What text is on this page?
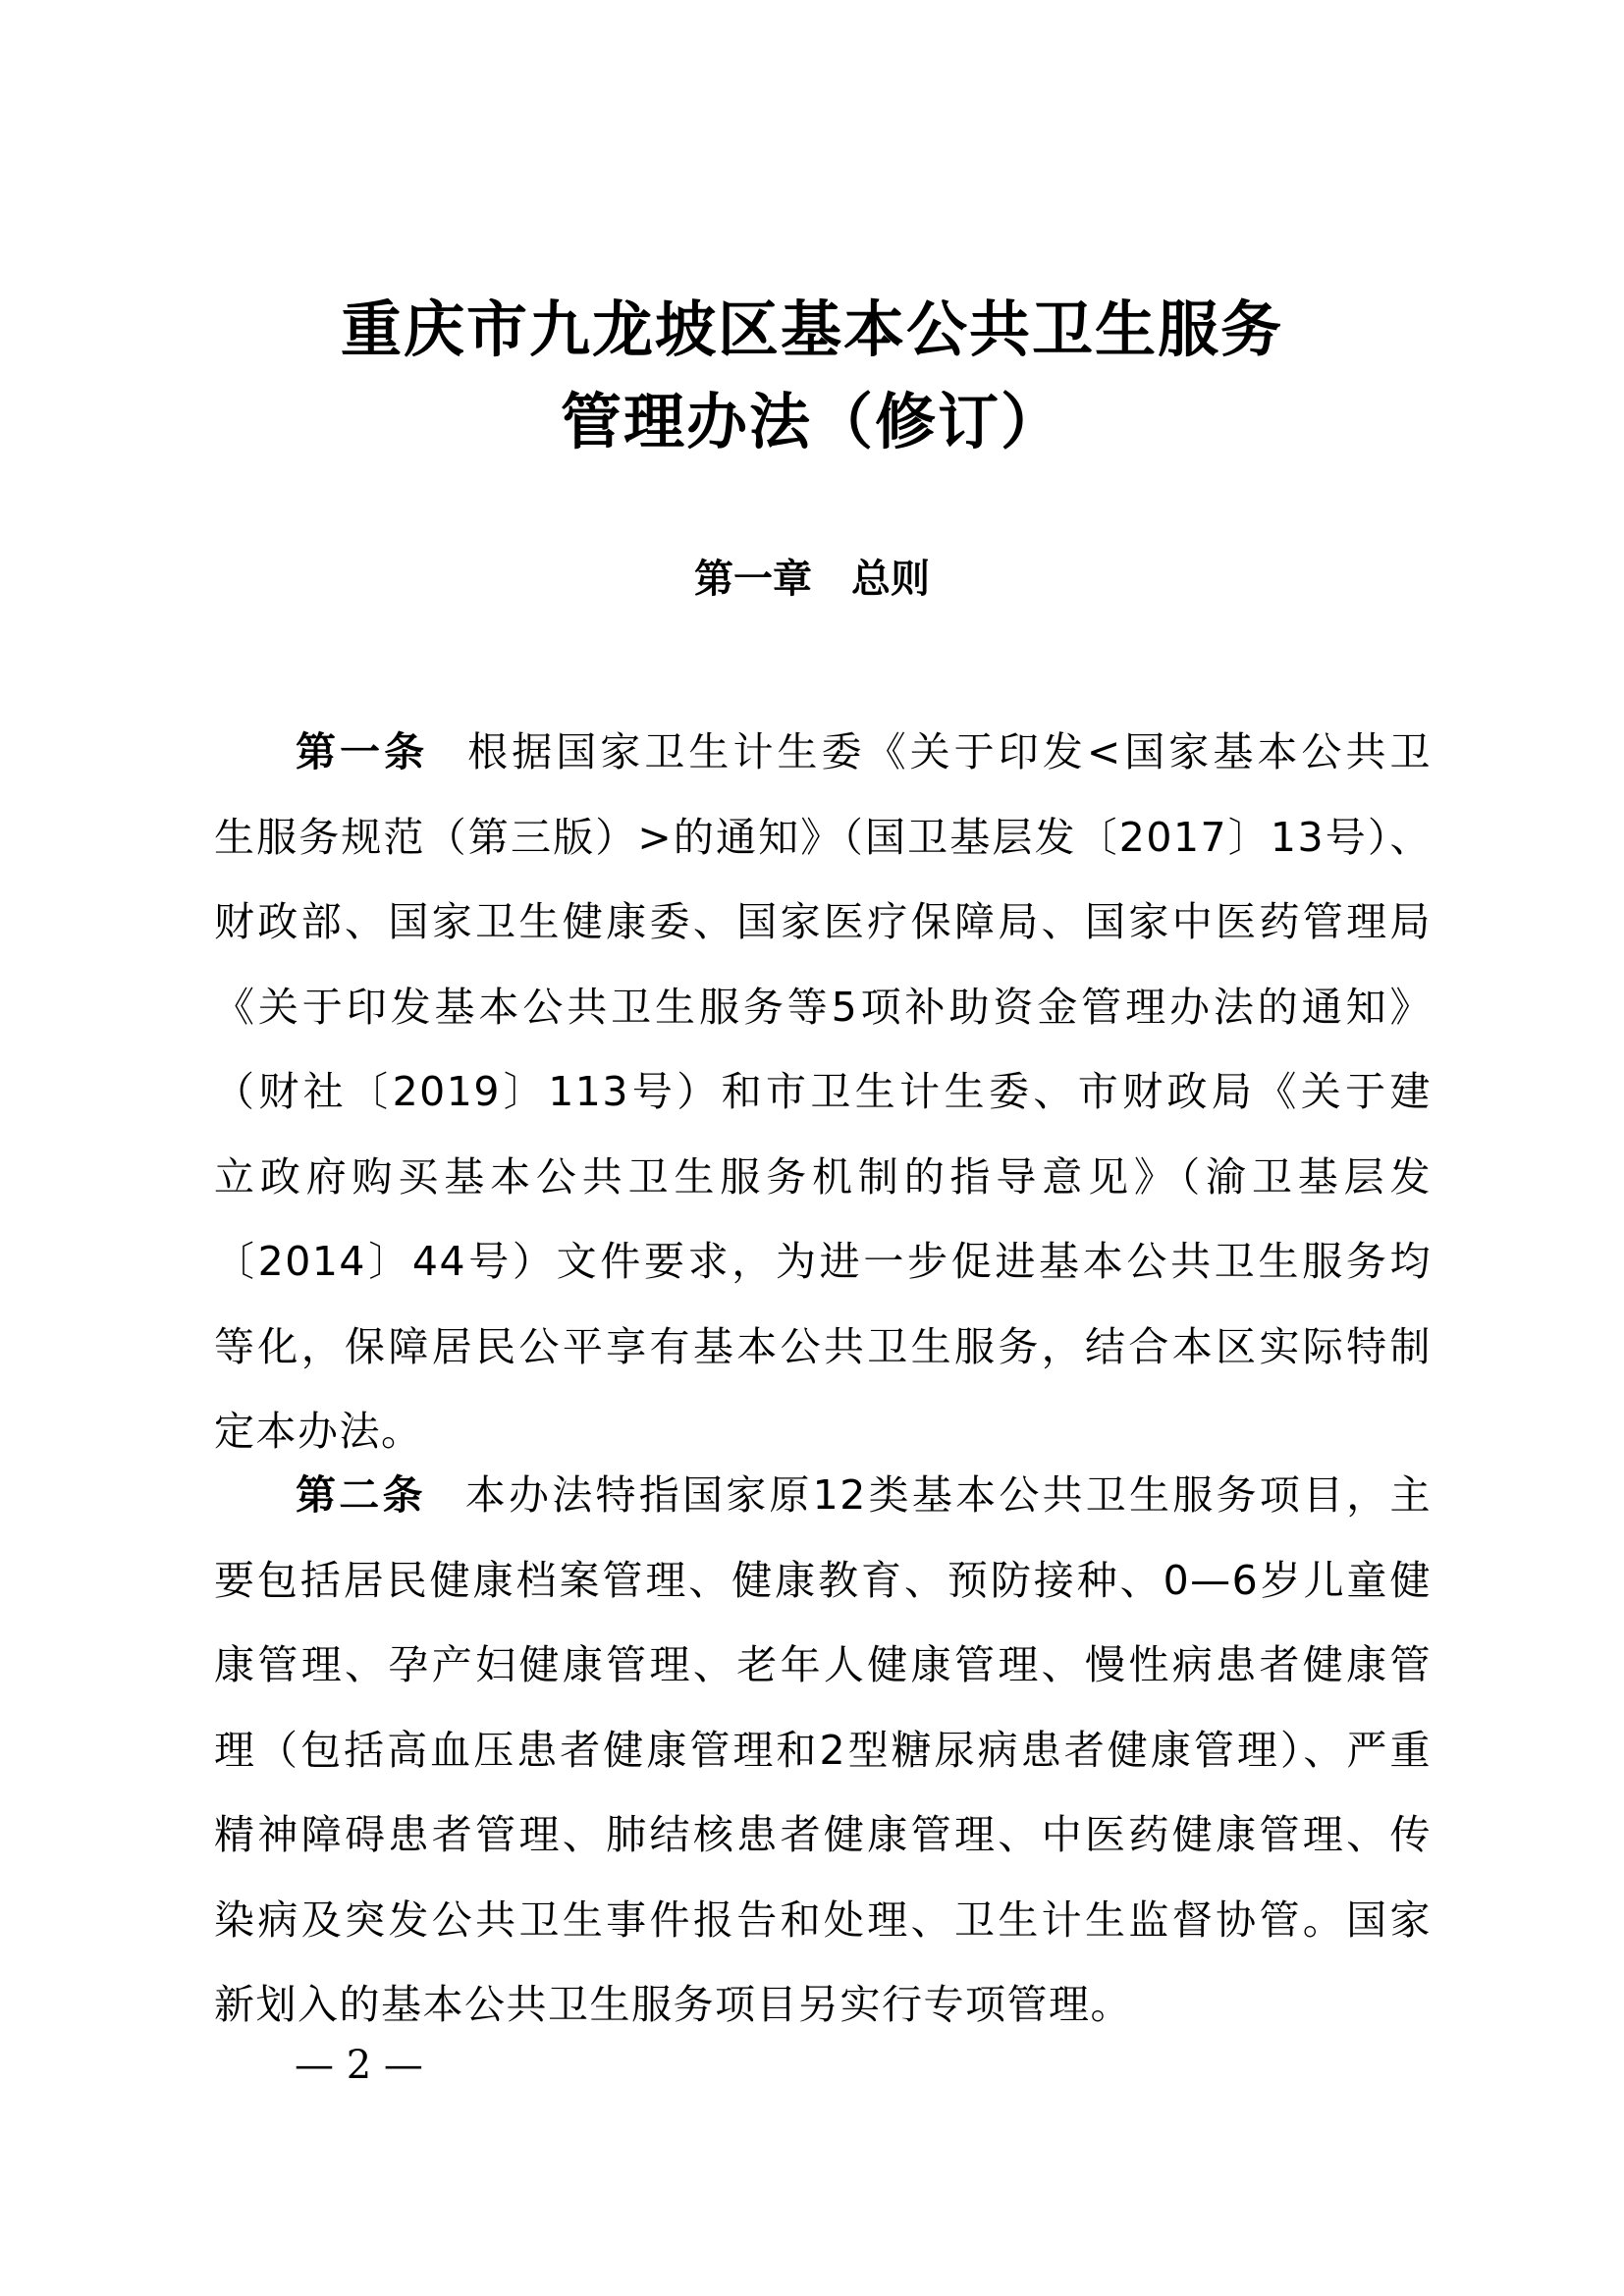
重庆市九龙坡区基本公共卫生服务
管理办法（修订）
第一章　总则
第一条 根据国家卫生计生委《关于印发<国家基本公共卫
生服务规范（第三版）>的通知》（国卫基层发〔2017〕13号）、
财政部、国家卫生健康委、国家医疗保障局、国家中医药管理局
《关于印发基本公共卫生服务等5项补助资金管理办法的通知》
（财社〔2019〕113号）和市卫生计生委、市财政局《关于建
立政府购买基本公共卫生服务机制的指导意见》（渝卫基层发
〔2014〕44号）文件要求，为进一步促进基本公共卫生服务均
等化，保障居民公平享有基本公共卫生服务，结合本区实际特制
定本办法。
第二条 本办法特指国家原12类基本公共卫生服务项目，主
要包括居民健康档案管理、健康教育、预防接种、0—6岁儿童健
康管理、孕产妇健康管理、老年人健康管理、慢性病患者健康管
理（包括高血压患者健康管理和2型糖尿病患者健康管理）、严重
精神障碍患者管理、肺结核患者健康管理、中医药健康管理、传
染病及突发公共卫生事件报告和处理、卫生计生监督协管。国家
新划入的基本公共卫生服务项目另实行专项管理。
— 2 —
